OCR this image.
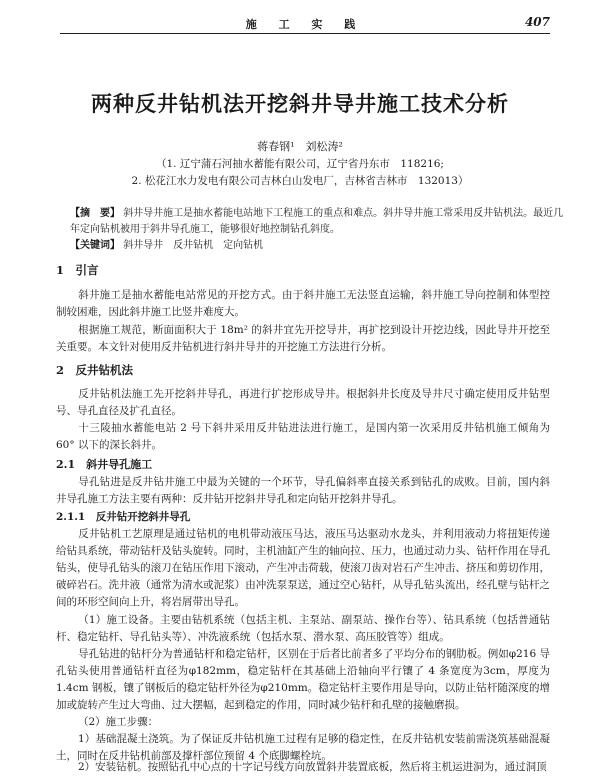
施 工 实 践	407
两种反井钻机法开挖斜井导井施工技术分析
蒋春钢¹　刘松涛²
（1. 辽宁蒲石河抽水蓄能有限公司，辽宁省丹东市　118216;
2. 松花江水力发电有限公司吉林白山发电厂，吉林省吉林市　132013）
【摘　要】 斜井导井施工是抽水蓄能电站地下工程施工的重点和难点。斜井导井施工常采用反井钻机法。最近几
年定向钻机被用于斜井导孔施工，能够很好地控制钻孔斜度。
【关键词】 斜井导井　反井钻机　定向钻机
1　引言
斜井施工是抽水蓄能电站常见的开挖方式。由于斜井施工无法竖直运输，斜井施工导向控制和体型控制较困难，因此斜井施工比竖井难度大。
根据施工规范，断面面积大于 18m² 的斜井宜先开挖导井，再扩挖到设计开挖边线，因此导井开挖至关重要。本文针对使用反井钻机进行斜井导井的开挖施工方法进行分析。
2　反井钻机法
反井钻机法施工先开挖斜井导孔，再进行扩挖形成导井。根据斜井长度及导井尺寸确定使用反井钻型号、导孔直径及扩孔直径。
十三陵抽水蓄能电站 2 号下斜井采用反井钻进法进行施工，是国内第一次采用反井钻机施工倾角为 60° 以下的深长斜井。
2.1　斜井导孔施工
导孔钻进是反井钻井施工中最为关键的一个环节，导孔偏斜率直接关系到钻孔的成败。目前，国内斜井导孔施工方法主要有两种：反井钻开挖斜井导孔和定向钻开挖斜井导孔。
2.1.1　反井钻开挖斜井导孔
反井钻机工艺原理是通过钻机的电机带动液压马达，液压马达驱动水龙头，并利用液动力将扭矩传递给钻具系统，带动钻杆及钻头旋转。同时，主机油缸产生的轴向拉、压力，也通过动力头、钻杆作用在导孔钻头，使导孔钻头的滚刀在钻压作用下滚动，产生冲击荷载，使滚刀齿对岩石产生冲击、挤压和剪切作用，破碎岩石。洗井液（通常为清水或泥浆）由冲洗泵泵送，通过空心钻杆，从导孔钻头流出，经孔壁与钻杆之间的环形空间向上升，将岩屑带出导孔。
（1）施工设备。主要由钻机系统（包括主机、主泵站、副泵站、操作台等）、钻具系统（包括普通钻杆、稳定钻杆、导孔钻头等）、冲洗液系统（包括水泵、潜水泵、高压胶管等）组成。
导孔钻进的钻杆分为普通钻杆和稳定钻杆，区别在于后者比前者多了平均分布的钢肋板。例如φ216 导孔钻头使用普通钻杆直径为φ182mm，稳定钻杆在其基础上沿轴向平行镶了 4 条宽度为3cm，厚度为1.4cm 钢板，镶了钢板后的稳定钻杆外径为φ210mm。稳定钻杆主要作用是导向，以防止钻杆随深度的增加或旋转产生过大弯曲、过大摆幅，起到稳定的作用，同时减少钻杆和孔壁的接触磨损。
（2）施工步骤：
1）基础混凝土浇筑。为了保证反井钻机施工过程有足够的稳定性，在反井钻机安装前需浇筑基础混凝土，同时在反井钻机前部及撑杆部位预留 4 个底脚螺栓坑。
2）安装钻机。按照钻孔中心点的十字记号线方向放置斜井装置底板，然后将主机运进洞为，通过洞顶
